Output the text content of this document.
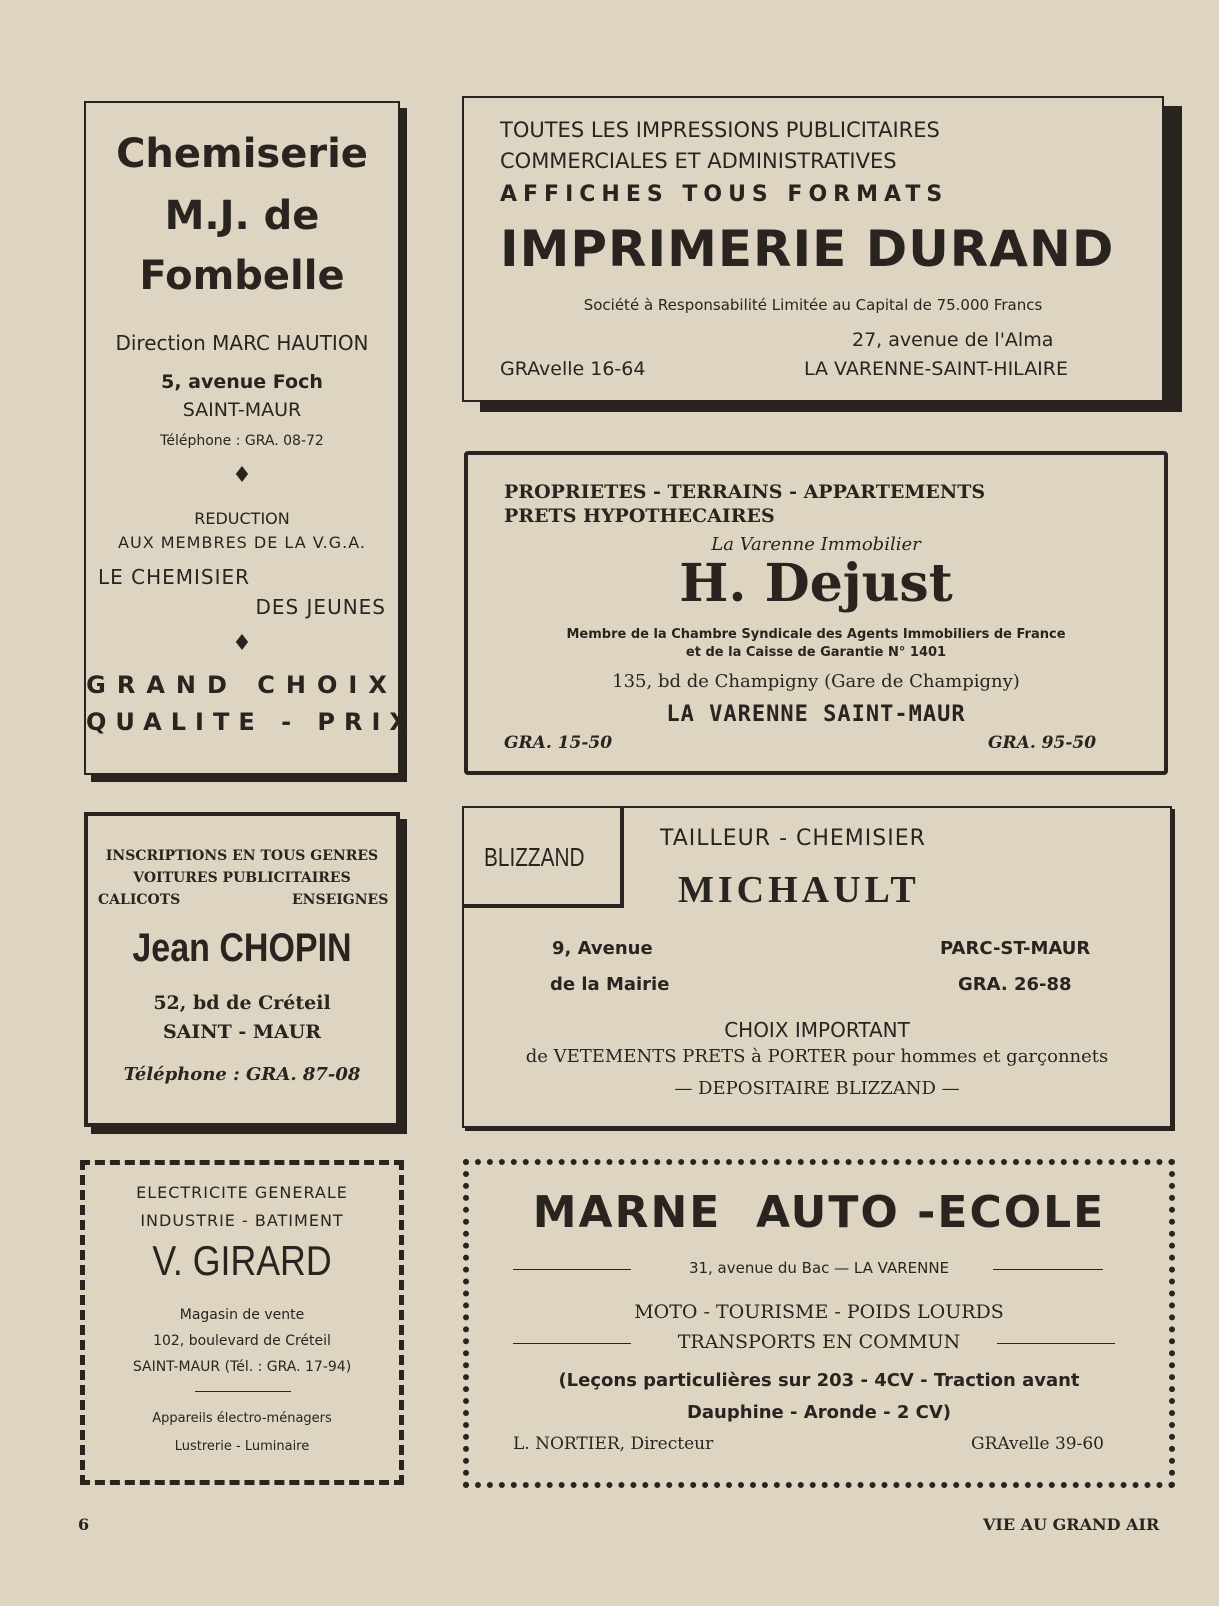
Chemiserie
M.J. de
Fombelle
Direction MARC HAUTION
5, avenue Foch
SAINT-MAUR
Téléphone : GRA. 08-72
♦
REDUCTION
AUX MEMBRES DE LA V.G.A.
LE CHEMISIER
DES JEUNES
♦
GRAND CHOIX
QUALITE - PRIX
TOUTES LES IMPRESSIONS PUBLICITAIRES
COMMERCIALES ET ADMINISTRATIVES
AFFICHES TOUS FORMATS
IMPRIMERIE DURAND
Société à Responsabilité Limitée au Capital de 75.000 Francs
27, avenue de l'Alma
GRAvelle 16-64	LA VARENNE-SAINT-HILAIRE
PROPRIETES - TERRAINS - APPARTEMENTS
PRETS HYPOTHECAIRES
La Varenne Immobilier
H. Dejust
Membre de la Chambre Syndicale des Agents Immobiliers de France
et de la Caisse de Garantie N° 1401
135, bd de Champigny (Gare de Champigny)
LA VARENNE SAINT-MAUR
GRA. 15-50	GRA. 95-50
INSCRIPTIONS EN TOUS GENRES
VOITURES PUBLICITAIRES
CALICOTS	ENSEIGNES
Jean CHOPIN
52, bd de Créteil
SAINT - MAUR
Téléphone : GRA. 87-08
BLIZZAND
TAILLEUR - CHEMISIER
MICHAULT
9, Avenue
de la Mairie
PARC-ST-MAUR
GRA. 26-88
CHOIX IMPORTANT
de VETEMENTS PRETS à PORTER pour hommes et garçonnets
— DEPOSITAIRE BLIZZAND —
ELECTRICITE GENERALE
INDUSTRIE - BATIMENT
V. GIRARD
Magasin de vente
102, boulevard de Créteil
SAINT-MAUR (Tél. : GRA. 17-94)
Appareils électro-ménagers
Lustrerie - Luminaire
MARNE  AUTO -ECOLE
31, avenue du Bac — LA VARENNE
MOTO - TOURISME - POIDS LOURDS
TRANSPORTS EN COMMUN
(Leçons particulières sur 203 - 4CV - Traction avant
Dauphine - Aronde - 2 CV)
L. NORTIER, Directeur	GRAvelle 39-60
6	VIE AU GRAND AIR
